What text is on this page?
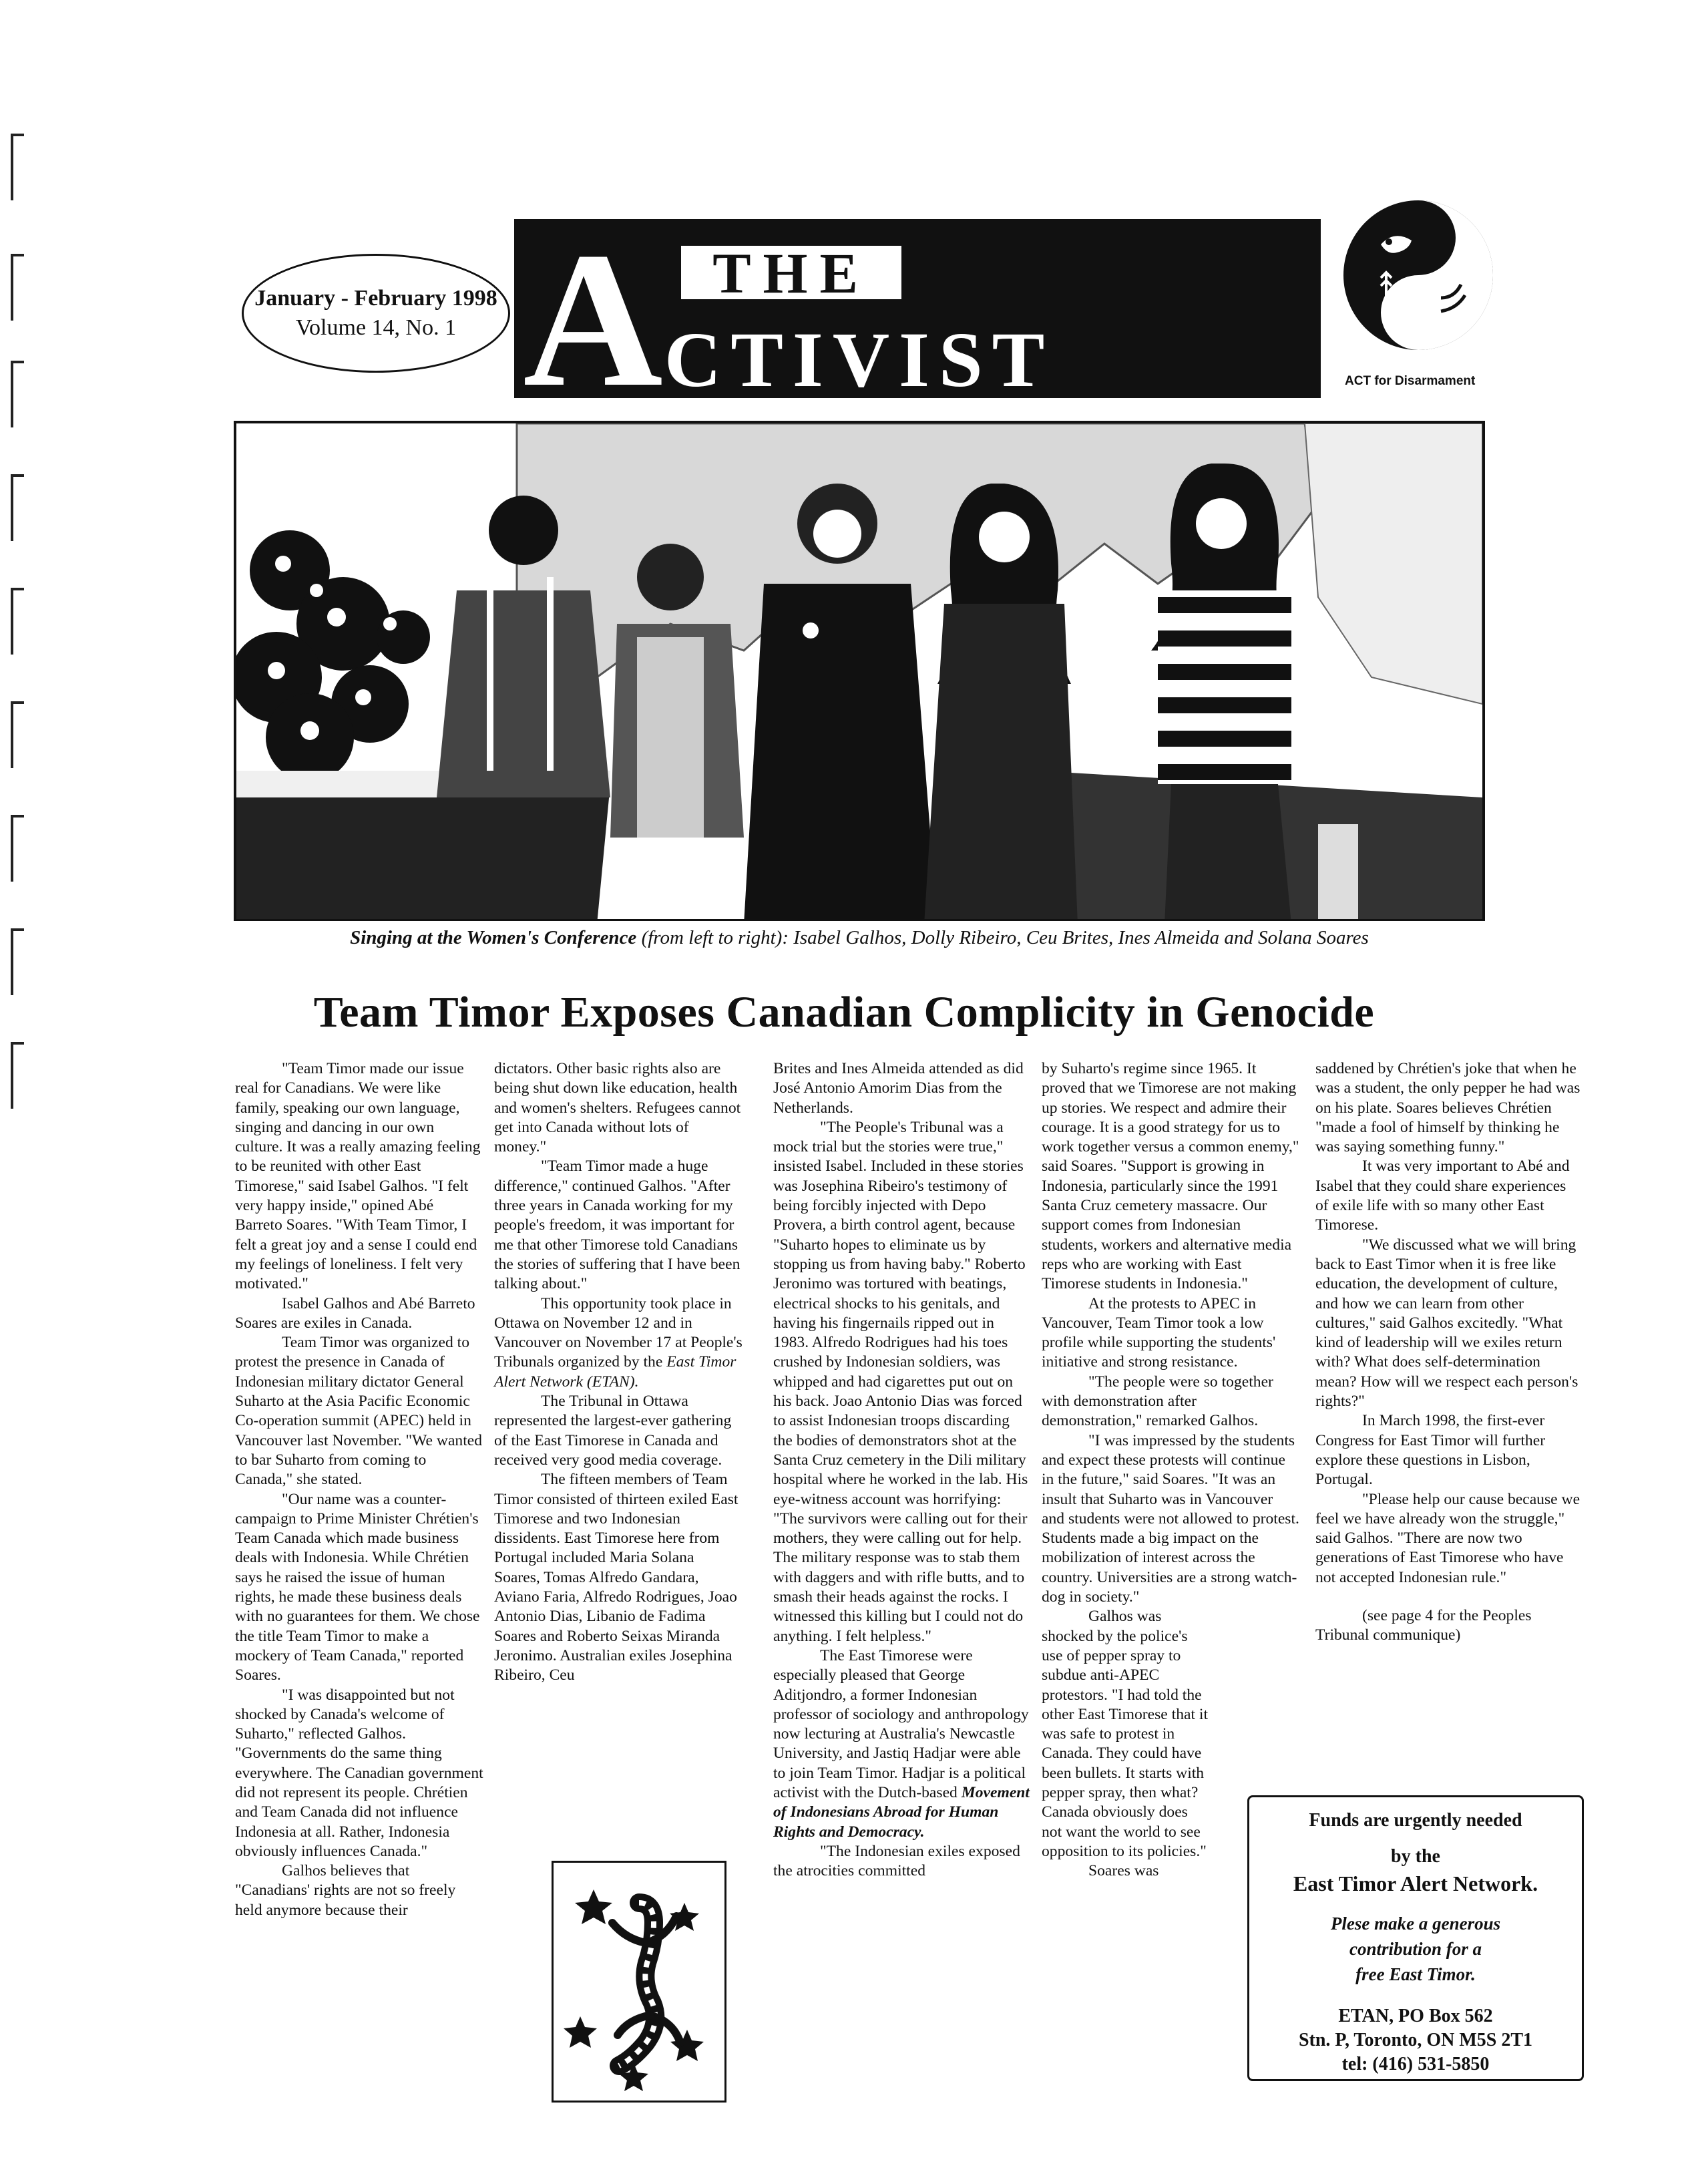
January - February 1998
Volume 14, No. 1 A THE
CTIVIST	ACT for Disarmament
Singing at the Women's Conference (from left to right): Isabel Galhos, Dolly Ribeiro, Ceu Brites, Ines Almeida and Solana Soares
Team Timor Exposes Canadian Complicity in Genocide

"Team Timor made our issue real for Canadians. We were like family, speaking our own language, singing and dancing in our own culture. It was a really amazing feeling to be reunited with other East Timorese," said Isabel Galhos. "I felt very happy inside," opined Abé Barreto Soares. "With Team Timor, I felt a great joy and a sense I could end my feelings of loneliness. I felt very motivated."

Isabel Galhos and Abé Barreto Soares are exiles in Canada.

Team Timor was organized to protest the presence in Canada of Indonesian military dictator General Suharto at the Asia Pacific Economic Co-operation summit (APEC) held in Vancouver last November. "We wanted to bar Suharto from coming to Canada," she stated.

"Our name was a counter-campaign to Prime Minister Chrétien's Team Canada which made business deals with Indonesia. While Chrétien says he raised the issue of human rights, he made these business deals with no guarantees for them. We chose the title Team Timor to make a mockery of Team Canada," reported Soares.

"I was disappointed but not shocked by Canada's welcome of Suharto," reflected Galhos. "Governments do the same thing everywhere. The Canadian government did not represent its people. Chrétien and Team Canada did not influence Indonesia at all. Rather, Indonesia obviously influences Canada."

Galhos believes that "Canadians' rights are not so freely held anymore because their

dictators. Other basic rights also are being shut down like education, health and women's shelters. Refugees cannot get into Canada without lots of money."

"Team Timor made a huge difference," continued Galhos. "After three years in Canada working for my people's freedom, it was important for me that other Timorese told Canadians the stories of suffering that I have been talking about."

This opportunity took place in Ottawa on November 12 and in Vancouver on November 17 at People's Tribunals organized by the East Timor Alert Network (ETAN).

The Tribunal in Ottawa represented the largest-ever gathering of the East Timorese in Canada and received very good media coverage.

The fifteen members of Team Timor consisted of thirteen exiled East Timorese and two Indonesian dissidents. East Timorese here from Portugal included Maria Solana Soares, Tomas Alfredo Gandara, Aviano Faria, Alfredo Rodrigues, Joao Antonio Dias, Libanio de Fadima Soares and Roberto Seixas Miranda Jeronimo. Australian exiles Josephina Ribeiro, Ceu

Brites and Ines Almeida attended as did José Antonio Amorim Dias from the Netherlands.

"The People's Tribunal was a mock trial but the stories were true," insisted Isabel. Included in these stories was Josephina Ribeiro's testimony of being forcibly injected with Depo Provera, a birth control agent, because "Suharto hopes to eliminate us by stopping us from having baby." Roberto Jeronimo was tortured with beatings, electrical shocks to his genitals, and having his fingernails ripped out in 1983. Alfredo Rodrigues had his toes crushed by Indonesian soldiers, was whipped and had cigarettes put out on his back. Joao Antonio Dias was forced to assist Indonesian troops discarding the bodies of demonstrators shot at the Santa Cruz cemetery in the Dili military hospital where he worked in the lab. His eye-witness account was horrifying: "The survivors were calling out for their mothers, they were calling out for help. The military response was to stab them with daggers and with rifle butts, and to smash their heads against the rocks. I witnessed this killing but I could not do anything. I felt helpless."

The East Timorese were especially pleased that George Aditjondro, a former Indonesian professor of sociology and anthropology now lecturing at Australia's Newcastle University, and Jastiq Hadjar were able to join Team Timor. Hadjar is a political activist with the Dutch-based Movement of Indonesians Abroad for Human Rights and Democracy.

"The Indonesian exiles exposed the atrocities committed

by Suharto's regime since 1965. It proved that we Timorese are not making up stories. We respect and admire their courage. It is a good strategy for us to work together versus a common enemy," said Soares. "Support is growing in Indonesia, particularly since the 1991 Santa Cruz cemetery massacre. Our support comes from Indonesian students, workers and alternative media reps who are working with East Timorese students in Indonesia."

At the protests to APEC in Vancouver, Team Timor took a low profile while supporting the students' initiative and strong resistance.

"The people were so together with demonstration after demonstration," remarked Galhos.

"I was impressed by the students and expect these protests will continue in the future," said Soares. "It was an insult that Suharto was in Vancouver and students were not allowed to protest. Students made a big impact on the mobilization of interest across the country. Universities are a strong watch-dog in society."

Galhos was shocked by the police's use of pepper spray to subdue anti-APEC protestors. "I had told the other East Timorese that it was safe to protest in Canada. They could have been bullets. It starts with pepper spray, then what? Canada obviously does not want the world to see opposition to its policies."

Soares was

saddened by Chrétien's joke that when he was a student, the only pepper he had was on his plate. Soares believes Chrétien "made a fool of himself by thinking he was saying something funny."

It was very important to Abé and Isabel that they could share experiences of exile life with so many other East Timorese.

"We discussed what we will bring back to East Timor when it is free like education, the development of culture, and how we can learn from other cultures," said Galhos excitedly. "What kind of leadership will we exiles return with? What does self-determination mean? How will we respect each person's rights?"

In March 1998, the first-ever Congress for East Timor will further explore these questions in Lisbon, Portugal.

"Please help our cause because we feel we have already won the struggle," said Galhos. "There are now two generations of East Timorese who have not accepted Indonesian rule."

(see page 4 for the Peoples Tribunal communique)

Funds are urgently needed
by the
East Timor Alert Network.
Plese make a generous
contribution for a
free East Timor.
ETAN, PO Box 562
Stn. P, Toronto, ON M5S 2T1
tel: (416) 531-5850
